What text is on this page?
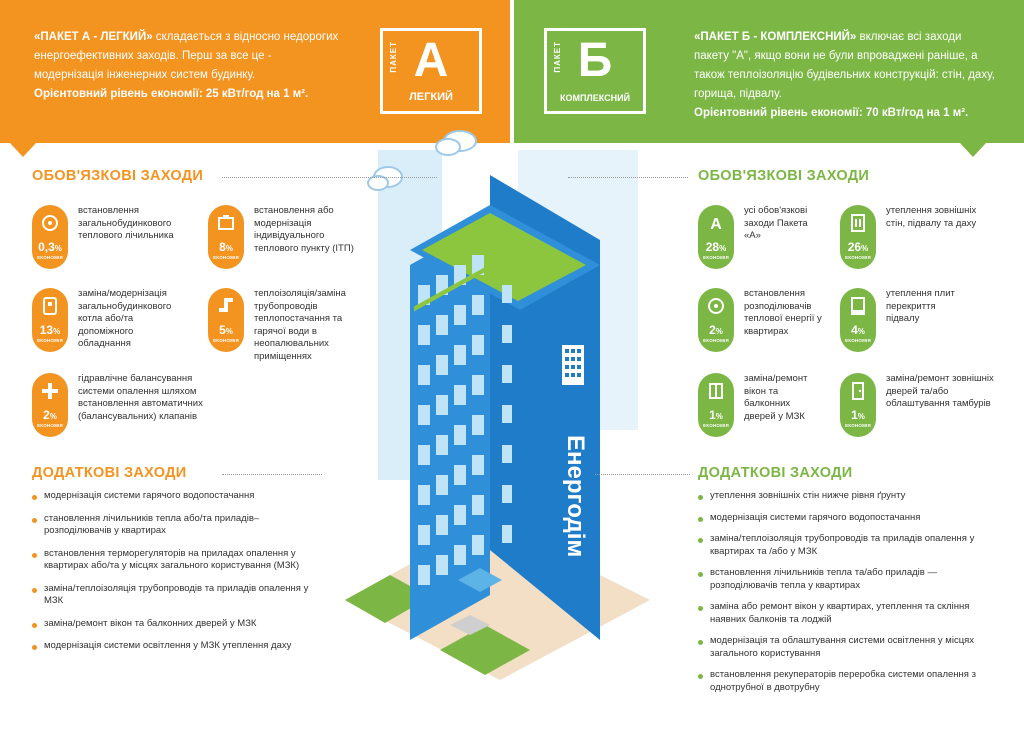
«ПАКЕТ А - ЛЕГКИЙ» складається з відносно недорогих енергоефективних заходів. Перш за все це - модернізація інженерних систем будинку.
Орієнтовний рівень економії: 25 кВт/год на 1 м².
ПАКЕТ А
ЛЕГКИЙ
ПАКЕТ Б
КОМПЛЕКСНИЙ
«ПАКЕТ Б - КОМПЛЕКСНИЙ» включає всі заходи пакету "А", якщо вони не були впроваджені раніше, а також теплоізоляцію будівельних конструкцій: стін, даху, горища, підвалу.
Орієнтовний рівень економії: 70 кВт/год на 1 м².
Енергодім
ОБОВ'ЯЗКОВІ ЗАХОДИ
0,3%
ЕКОНОМІЯ
встановлення загальнобудинкового теплового лічильника
8%
ЕКОНОМІЯ
встановлення або модернізація індивідуального теплового пункту (ІТП)
13%
ЕКОНОМІЯ
заміна/модернізація загальнобудинкового котла або/та допоміжного обладнання
5%
ЕКОНОМІЯ
теплоізоляція/заміна трубопроводів теплопостачання та гарячої води в неопалювальних приміщеннях
2%
ЕКОНОМІЯ
гідравлічне балансування системи опалення шляхом встановлення автоматичних (балансувальних) клапанів
ДОДАТКОВІ ЗАХОДИ
модернізація системи гарячого водопостачання
становлення лічильників тепла або/та приладів–розподілювачів у квартирах
встановлення терморегуляторів на приладах опалення у квартирах або/та у місцях загального користування (МЗК)
заміна/теплоізоляція трубопроводів та приладів опалення у МЗК
заміна/ремонт вікон та балконних дверей у МЗК
модернізація системи освітлення у МЗК утеплення даху
ОБОВ'ЯЗКОВІ ЗАХОДИ
A
28%
ЕКОНОМІЯ
усі обов'язкові заходи Пакета «А»
26%
ЕКОНОМІЯ
утеплення зовнішніх стін, підвалу та даху
2%
ЕКОНОМІЯ
встановлення розподілювачів теплової енергії у квартирах	4%
ЕКОНОМІЯ
утеплення плит перекриття підвалу
1%
ЕКОНОМІЯ
заміна/ремонт вікон та балконних дверей у МЗК	1%
ЕКОНОМІЯ
заміна/ремонт зовнішніх дверей та/або облаштування тамбурів
ДОДАТКОВІ ЗАХОДИ
утеплення зовнішніх стін нижче рівня ґрунту
модернізація системи гарячого водопостачання
заміна/теплоізоляція трубопроводів та приладів опалення у квартирах та /або у МЗК
встановлення лічильників тепла та/або приладів — розподілювачів тепла у квартирах
заміна або ремонт вікон у квартирах, утеплення та скління наявних балконів та лоджій
модернізація та облаштування системи освітлення у місцях загального користування
встановлення рекуператорів переробка системи опалення з однотрубної в двотрубну
